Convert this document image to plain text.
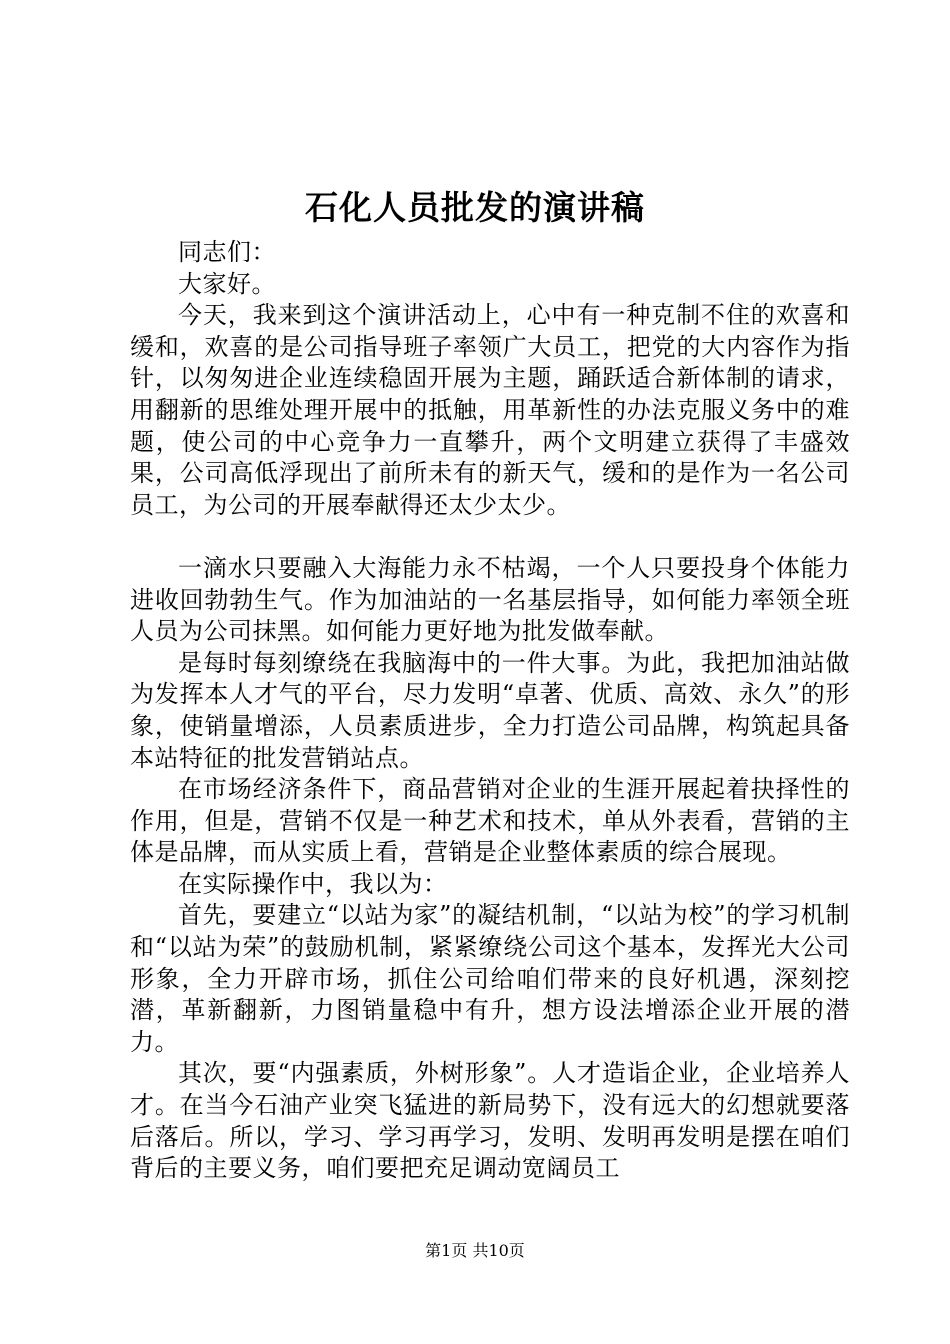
石化人员批发的演讲稿

同志们：

大家好。

今天，我来到这个演讲活动上，心中有一种克制不住的欢喜和缓和，欢喜的是公司指导班子率领广大员工，把党的大内容作为指针，以匆匆进企业连续稳固开展为主题，踊跃适合新体制的请求，用翻新的思维处理开展中的抵触，用革新性的办法克服义务中的难题，使公司的中心竞争力一直攀升，两个文明建立获得了丰盛效果，公司高低浮现出了前所未有的新天气，缓和的是作为一名公司员工，为公司的开展奉献得还太少太少。

一滴水只要融入大海能力永不枯竭，一个人只要投身个体能力进收回勃勃生气。作为加油站的一名基层指导，如何能力率领全班人员为公司抹黑。如何能力更好地为批发做奉献。

是每时每刻缭绕在我脑海中的一件大事。为此，我把加油站做为发挥本人才气的平台，尽力发明“卓著、优质、高效、永久”的形象，使销量增添，人员素质进步，全力打造公司品牌，构筑起具备本站特征的批发营销站点。

在市场经济条件下，商品营销对企业的生涯开展起着抉择性的作用，但是，营销不仅是一种艺术和技术，单从外表看，营销的主体是品牌，而从实质上看，营销是企业整体素质的综合展现。

在实际操作中，我以为：

首先，要建立“以站为家”的凝结机制，“以站为校”的学习机制和“以站为荣”的鼓励机制，紧紧缭绕公司这个基本，发挥光大公司形象，全力开辟市场，抓住公司给咱们带来的良好机遇，深刻挖潜，革新翻新，力图销量稳中有升，想方设法增添企业开展的潜力。

其次，要“内强素质，外树形象”。人才造诣企业，企业培养人才。在当今石油产业突飞猛进的新局势下，没有远大的幻想就要落后落后。所以，学习、学习再学习，发明、发明再发明是摆在咱们背后的主要义务，咱们要把充足调动宽阔员工

第1页 共10页
